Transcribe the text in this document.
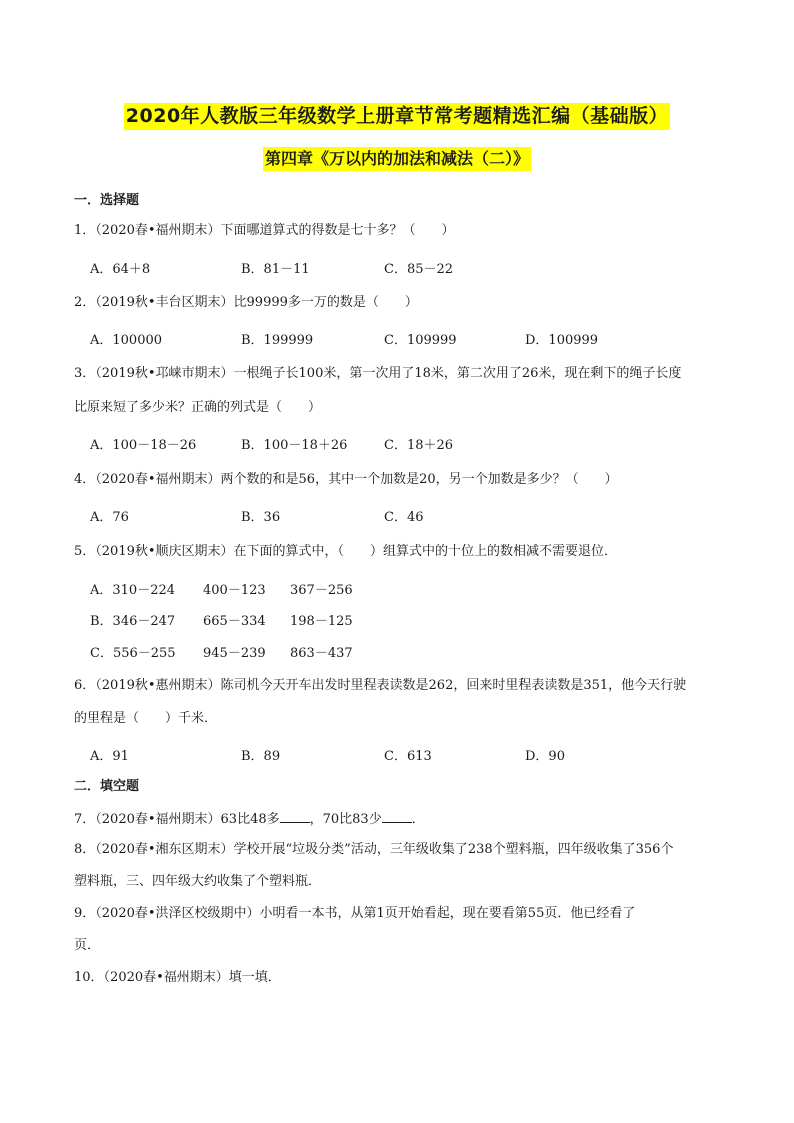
2020年人教版三年级数学上册章节常考题精选汇编（基础版）
第四章《万以内的加法和减法（二）》
一．选择题
1．（2020春•福州期末）下面哪道算式的得数是七十多？（　　）
A．64＋8	B．81－11	C．85－22
2．（2019秋•丰台区期末）比99999多一万的数是（　　）
A．100000	B．199999	C．109999	D．100999
3．（2019秋•邛崃市期末）一根绳子长100米，第一次用了18米，第二次用了26米，现在剩下的绳子长度
比原来短了多少米？正确的列式是（　　）
A．100－18－26	B．100－18＋26	C．18＋26
4．（2020春•福州期末）两个数的和是56，其中一个加数是20，另一个加数是多少？（　　）
A．76	B．36	C．46
5．（2019秋•顺庆区期末）在下面的算式中，（　　）组算式中的十位上的数相减不需要退位．
A．310－224 400－123 367－256
B．346－247 665－334 198－125
C．556－255 945－239 863－437
6．（2019秋•惠州期末）陈司机今天开车出发时里程表读数是262，回来时里程表读数是351，他今天行驶
的里程是（　　）千米．
A．91	B．89	C．613	D．90
二．填空题
7．（2020春•福州期末）63比48多 ，70比83少 ．
8．（2020春•湘东区期末）学校开展“垃圾分类”活动，三年级收集了238个塑料瓶，四年级收集了356个
塑料瓶，三、四年级大约收集了个塑料瓶．
9．（2020春•洪泽区校级期中）小明看一本书，从第1页开始看起，现在要看第55页．他已经看了
页．
10．（2020春•福州期末）填一填．
